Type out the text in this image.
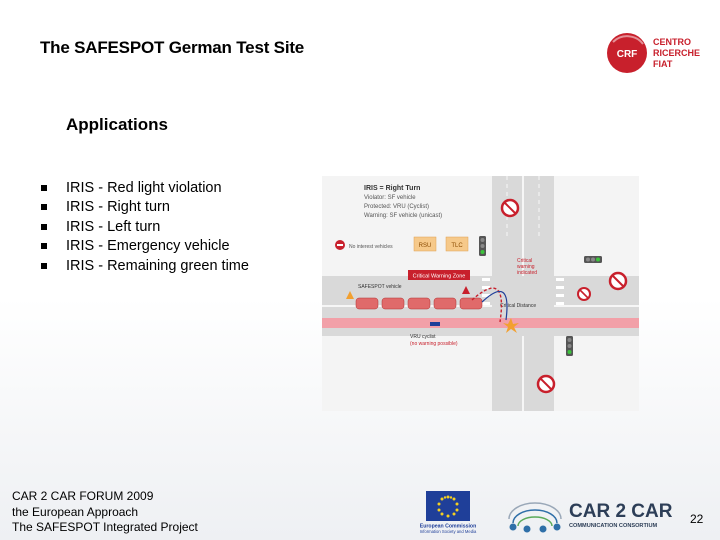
The SAFESPOT German Test Site	CRF
CENTRO
RICERCHE
FIAT
Applications
IRIS - Red light violation
IRIS - Right turn
IRIS - Left turn
IRIS - Emergency vehicle
IRIS - Remaining green time
IRIS = Right Turn
Violator: SF vehicle
Protected: VRU (Cyclist)
Warning: SF vehicle (unicast)
No interest vehicles	RSU	TLC
Critical
warning
indicated
Critical Warning Zone
SAFESPOT vehicle
Critical Distance
VRU cyclist
(no warning possible)
CAR 2 CAR FORUM 2009
the European Approach
The SAFESPOT Integrated Project	European Commission
Information Society and Media
CAR 2 CAR
COMMUNICATION CONSORTIUM	22
